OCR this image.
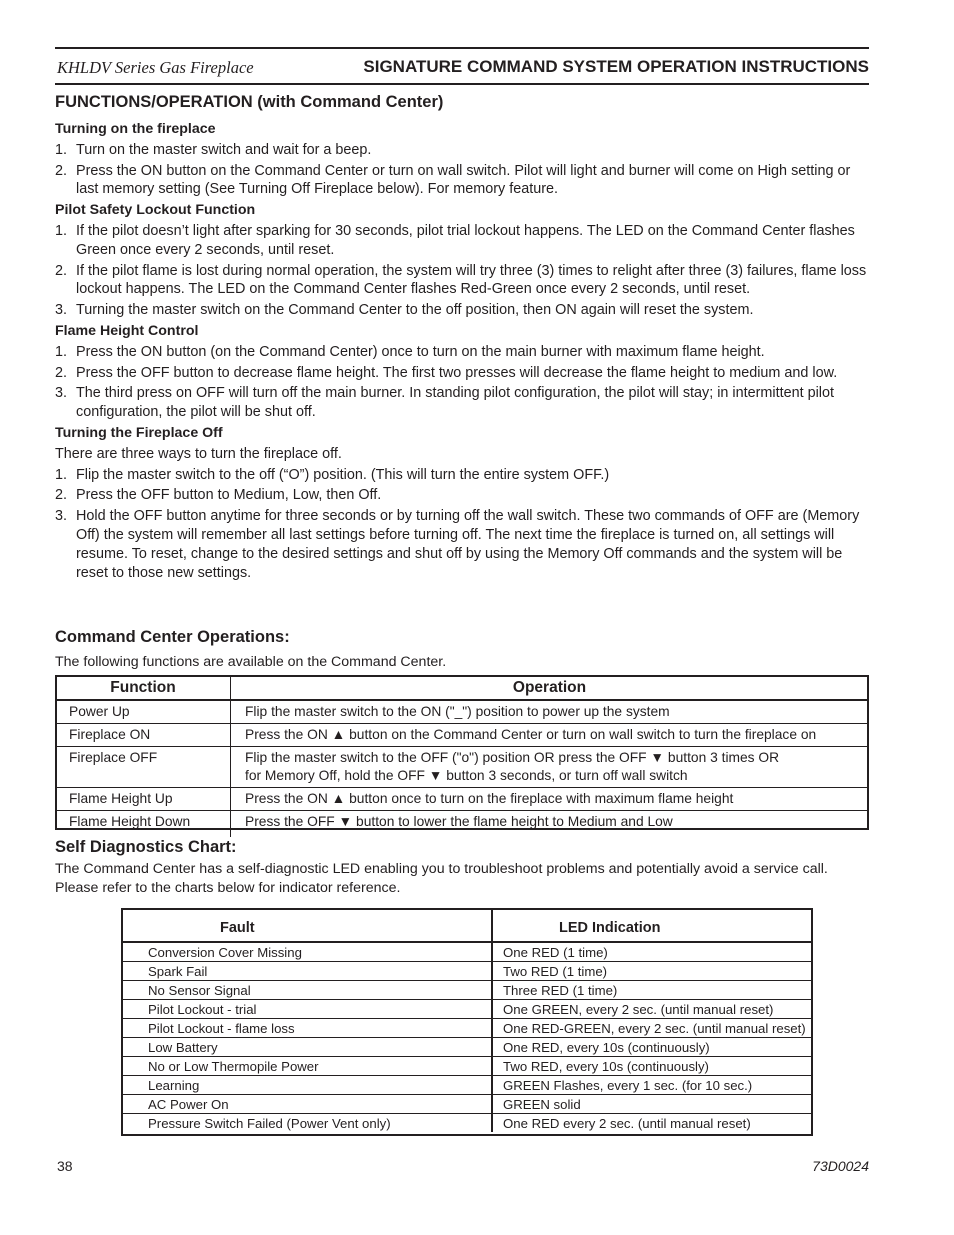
KHLDV Series Gas Fireplace	SIGNATURE COMMAND SYSTEM OPERATION INSTRUCTIONS
FUNCTIONS/OPERATION (with Command Center)
Turning on the fireplace
1. Turn on the master switch and wait for a beep.
2. Press the ON button on the Command Center or turn on wall switch. Pilot will light and burner will come on High setting or last memory setting (See Turning Off Fireplace below). For memory feature.
Pilot Safety Lockout Function
1. If the pilot doesn’t light after sparking for 30 seconds, pilot trial lockout happens. The LED on the Command Center flashes Green once every 2 seconds, until reset.
2. If the pilot flame is lost during normal operation, the system will try three (3) times to relight after three (3) failures, flame loss lockout happens. The LED on the Command Center flashes Red-Green once every 2 seconds, until reset.
3. Turning the master switch on the Command Center to the off position, then ON again will reset the system.
Flame Height Control
1. Press the ON button (on the Command Center) once to turn on the main burner with maximum flame height.
2. Press the OFF button to decrease flame height. The first two presses will decrease the flame height to medium and low.
3. The third press on OFF will turn off the main burner. In standing pilot configuration, the pilot will stay; in intermittent pilot configuration, the pilot will be shut off.
Turning the Fireplace Off
There are three ways to turn the fireplace off.
1. Flip the master switch to the off (“O”) position. (This will turn the entire system OFF.)
2. Press the OFF button to Medium, Low, then Off.
3. Hold the OFF button anytime for three seconds or by turning off the wall switch. These two commands of OFF are (Memory Off) the system will remember all last settings before turning off. The next time the fireplace is turned on, all settings will resume. To reset, change to the desired settings and shut off by using the Memory Off commands and the system will be reset to those new settings.
Command Center Operations:
The following functions are available on the Command Center.
Function	Operation
Power Up	Flip the master switch to the ON ("_") position to power up the system
Fireplace ON	Press the ON ▲ button on the Command Center or turn on wall switch to turn the fireplace on
Fireplace OFF	Flip the master switch to the OFF ("o") position OR press the OFF ▼ button 3 times OR for Memory Off, hold the OFF ▼ button 3 seconds, or turn off wall switch
Flame Height Up	Press the ON ▲ button once to turn on the fireplace with maximum flame height
Flame Height Down	Press the OFF ▼ button to lower the flame height to Medium and Low
Self Diagnostics Chart:
The Command Center has a self-diagnostic LED enabling you to troubleshoot problems and potentially avoid a service call. Please refer to the charts below for indicator reference.
Fault	LED Indication
Conversion Cover Missing	One RED (1 time)
Spark Fail	Two RED (1 time)
No Sensor Signal	Three RED (1 time)
Pilot Lockout - trial	One GREEN, every 2 sec. (until manual reset)
Pilot Lockout - flame loss	One RED-GREEN, every 2 sec. (until manual reset)
Low Battery	One RED, every 10s (continuously)
No or Low Thermopile Power	Two RED, every 10s (continuously)
Learning	GREEN Flashes, every 1 sec. (for 10 sec.)
AC Power On	GREEN solid
Pressure Switch Failed (Power Vent only)	One RED every 2 sec. (until manual reset)
38	73D0024
